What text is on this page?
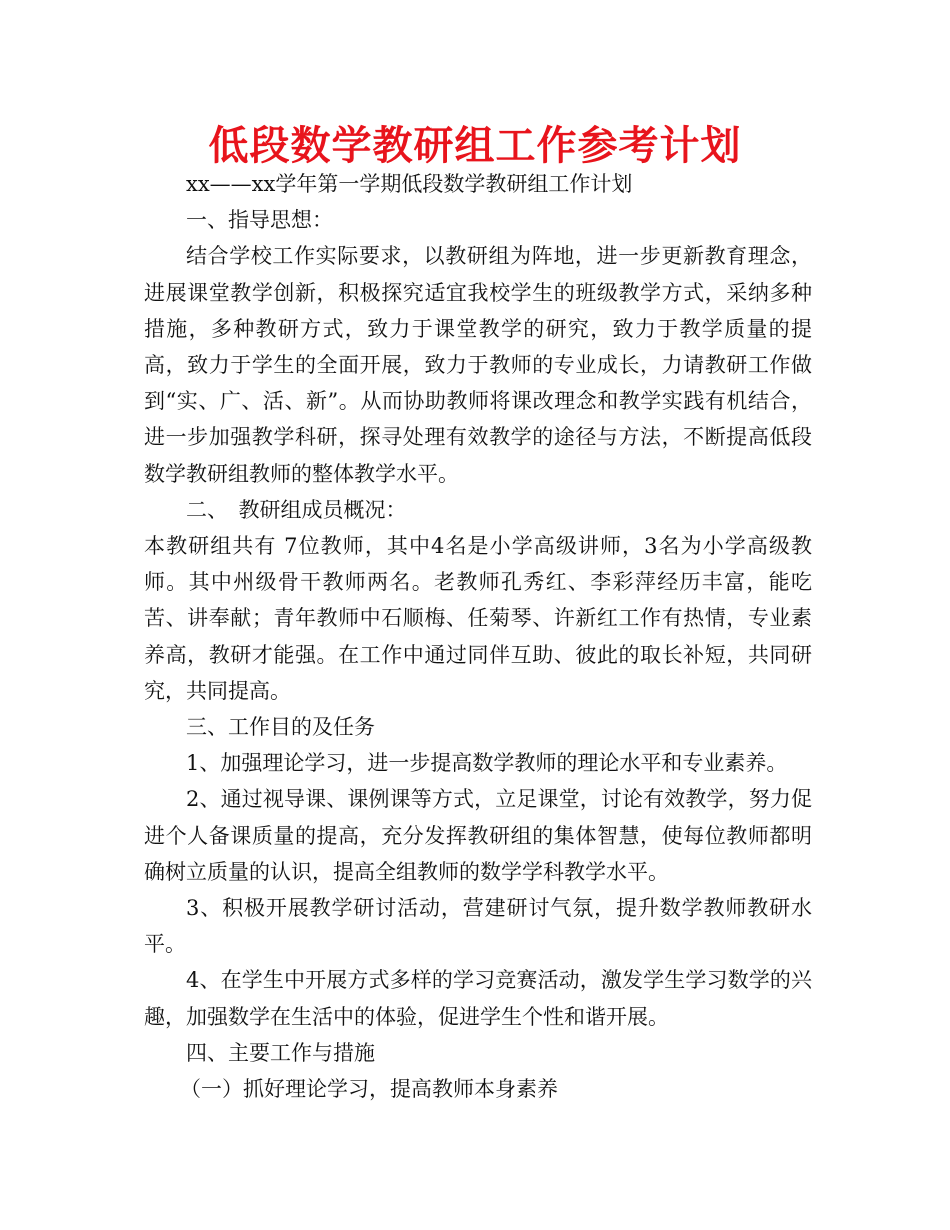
低段数学教研组工作参考计划

xx——xx学年第一学期低段数学教研组工作计划

一、指导思想：

结合学校工作实际要求，以教研组为阵地，进一步更新教育理念，进展课堂教学创新，积极探究适宜我校学生的班级教学方式，采纳多种措施，多种教研方式，致力于课堂教学的研究，致力于教学质量的提高，致力于学生的全面开展，致力于教师的专业成长，力请教研工作做到“实、广、活、新”。从而协助教师将课改理念和教学实践有机结合，进一步加强教学科研，探寻处理有效教学的途径与方法，不断提高低段数学教研组教师的整体教学水平。

二、　教研组成员概况：

本教研组共有 7位教师，其中4名是小学高级讲师，3名为小学高级教师。其中州级骨干教师两名。老教师孔秀红、李彩萍经历丰富，能吃苦、讲奉献；青年教师中石顺梅、任菊琴、许新红工作有热情，专业素养高，教研才能强。在工作中通过同伴互助、彼此的取长补短，共同研究，共同提高。

三、工作目的及任务

1、加强理论学习，进一步提高数学教师的理论水平和专业素养。

2、通过视导课、课例课等方式，立足课堂，讨论有效教学，努力促进个人备课质量的提高，充分发挥教研组的集体智慧，使每位教师都明确树立质量的认识，提高全组教师的数学学科教学水平。

3、积极开展教学研讨活动，营建研讨气氛，提升数学教师教研水平。

4、在学生中开展方式多样的学习竞赛活动，激发学生学习数学的兴趣，加强数学在生活中的体验，促进学生个性和谐开展。

四、主要工作与措施

（一）抓好理论学习，提高教师本身素养
